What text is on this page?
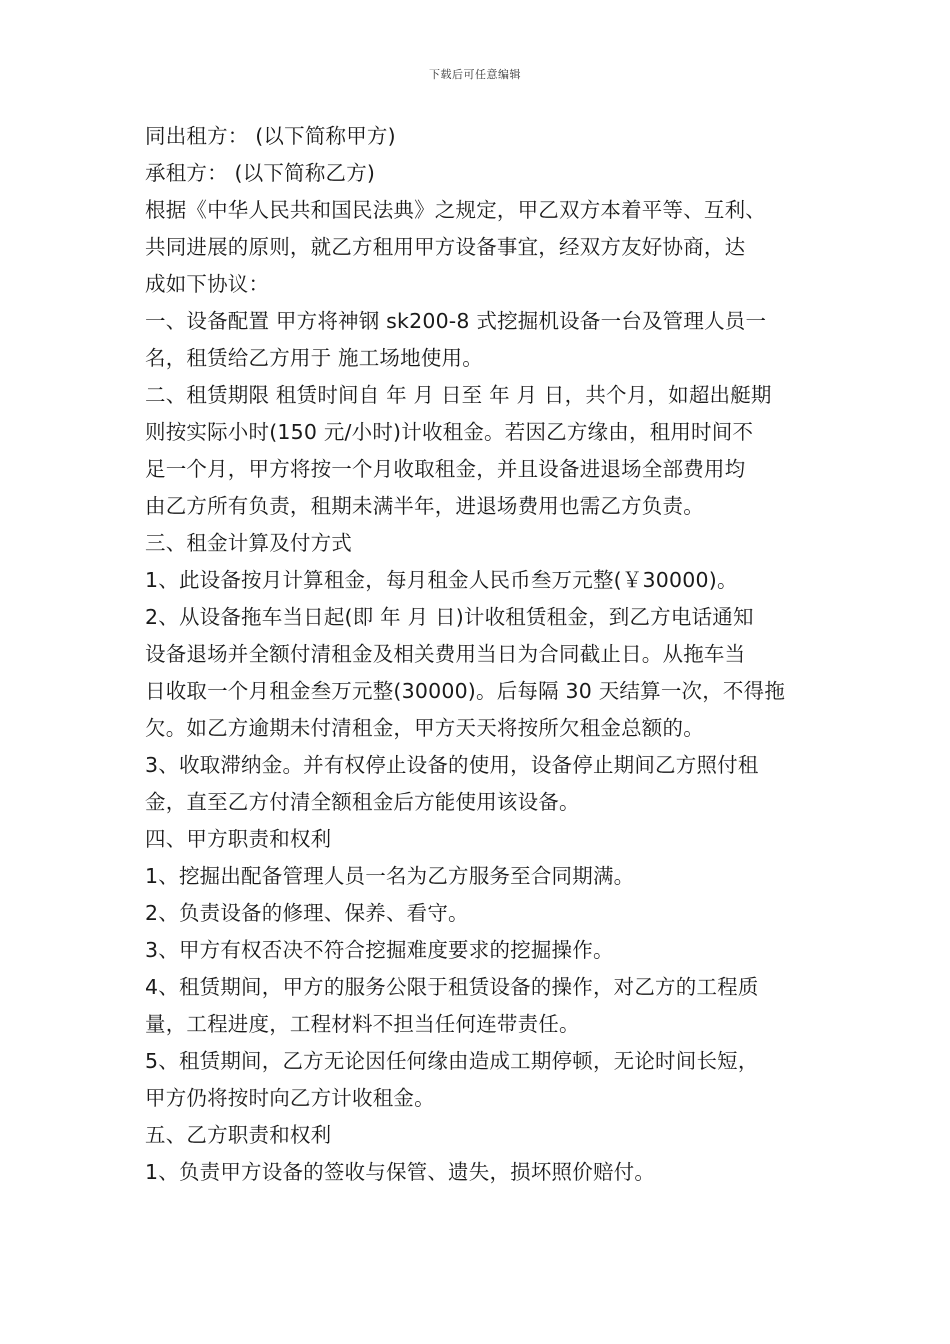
下载后可任意编辑
同出租方： (以下简称甲方)
承租方： (以下简称乙方)
根据《中华人民共和国民法典》之规定，甲乙双方本着平等、互利、
共同进展的原则，就乙方租用甲方设备事宜，经双方友好协商，达
成如下协议：
一、设备配置 甲方将神钢 sk200-8 式挖掘机设备一台及管理人员一
名，租赁给乙方用于 施工场地使用。
二、租赁期限 租赁时间自 年 月 日至 年 月 日，共个月，如超出艇期
则按实际小时(150 元/小时)计收租金。若因乙方缘由，租用时间不
足一个月，甲方将按一个月收取租金，并且设备进退场全部费用均
由乙方所有负责，租期未满半年，进退场费用也需乙方负责。
三、租金计算及付方式
1、此设备按月计算租金，每月租金人民币叁万元整(￥30000)。
2、从设备拖车当日起(即 年 月 日)计收租赁租金，到乙方电话通知
设备退场并全额付清租金及相关费用当日为合同截止日。从拖车当
日收取一个月租金叁万元整(30000)。后每隔 30 天结算一次，不得拖
欠。如乙方逾期未付清租金，甲方天天将按所欠租金总额的。
3、收取滞纳金。并有权停止设备的使用，设备停止期间乙方照付租
金，直至乙方付清全额租金后方能使用该设备。
四、甲方职责和权利
1、挖掘出配备管理人员一名为乙方服务至合同期满。
2、负责设备的修理、保养、看守。
3、甲方有权否决不符合挖掘难度要求的挖掘操作。
4、租赁期间，甲方的服务公限于租赁设备的操作，对乙方的工程质
量，工程进度，工程材料不担当任何连带责任。
5、租赁期间，乙方无论因任何缘由造成工期停顿，无论时间长短，
甲方仍将按时向乙方计收租金。
五、乙方职责和权利
1、负责甲方设备的签收与保管、遗失，损坏照价赔付。
